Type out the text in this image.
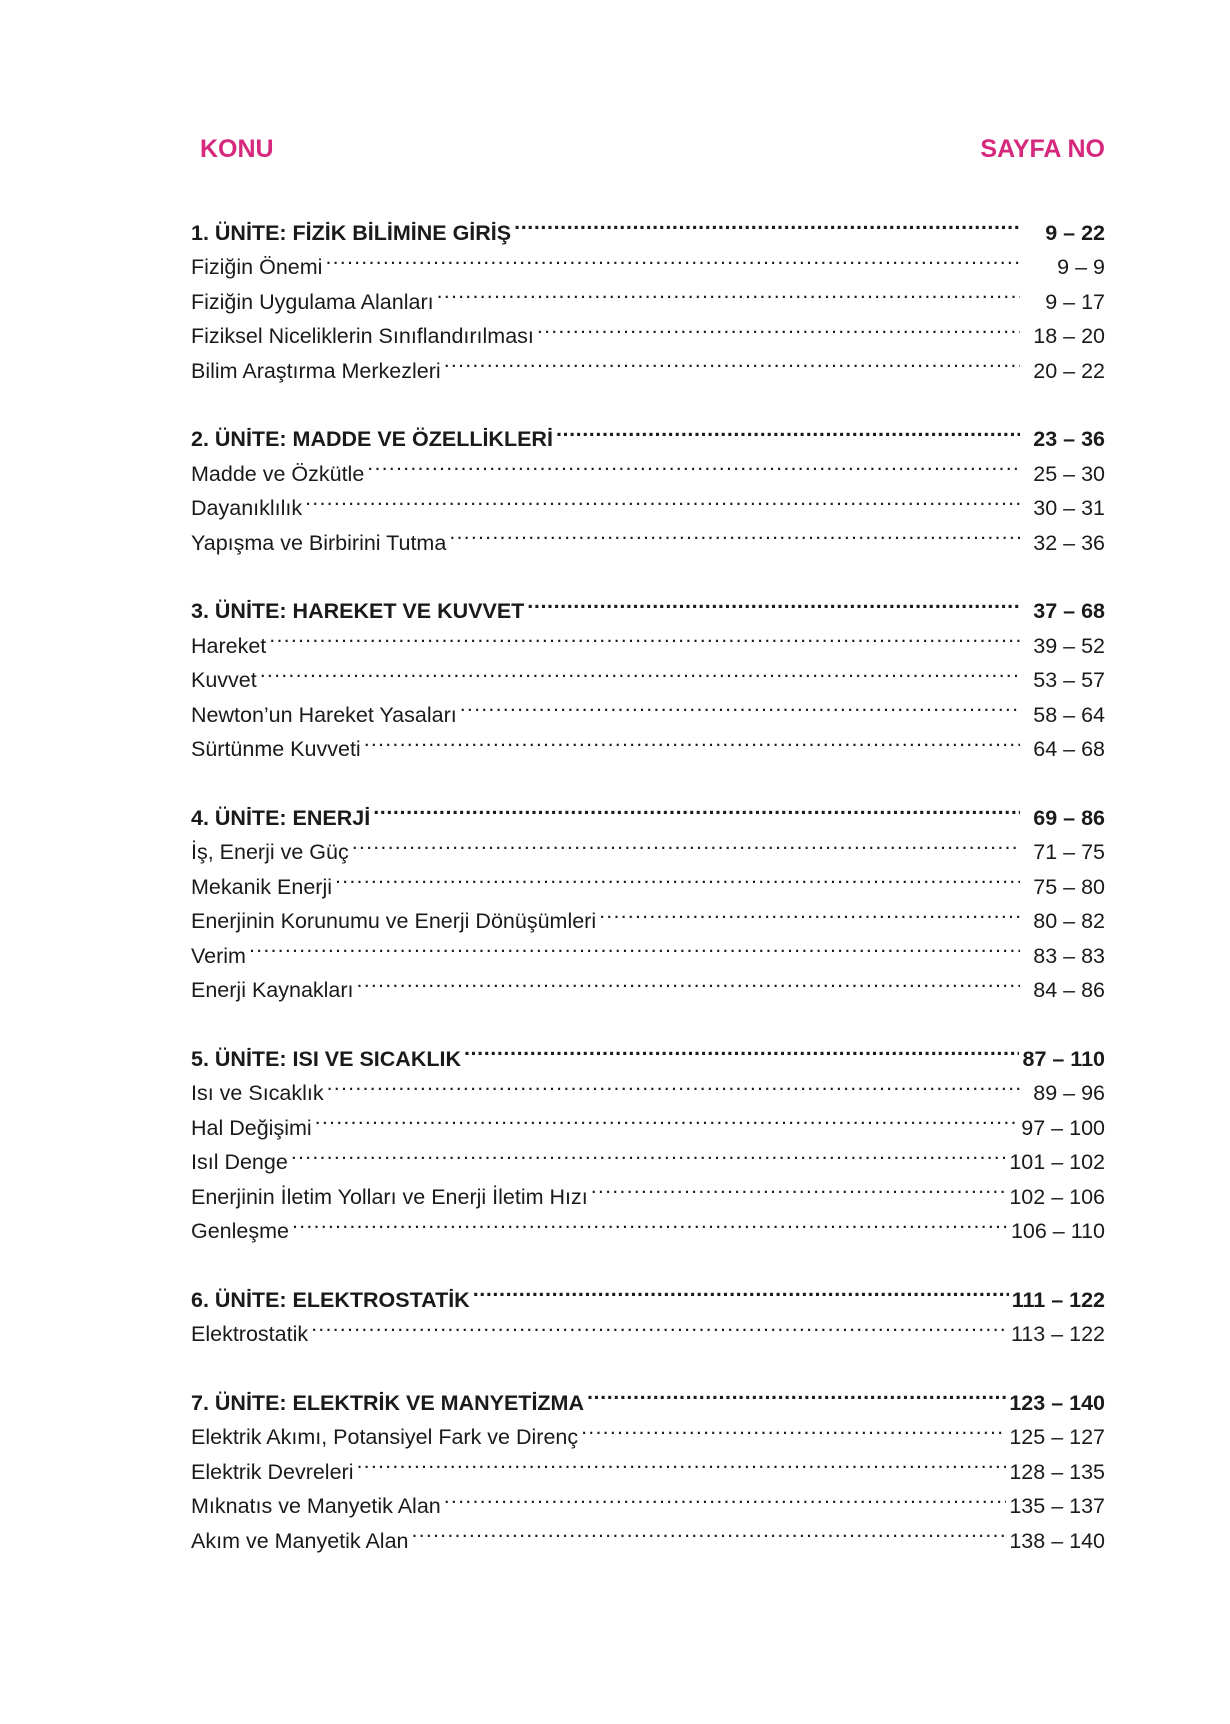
KONU	SAYFA NO
1. ÜNİTE: FİZİK BİLİMİNE GİRİŞ .....	9 – 22
Fiziğin Önemi .....	9 – 9
Fiziğin Uygulama Alanları .....	9 – 17
Fiziksel Niceliklerin Sınıflandırılması .....	18 – 20
Bilim Araştırma Merkezleri .....	20 – 22
2. ÜNİTE: MADDE VE ÖZELLİKLERİ .....	23 – 36
Madde ve Özkütle .....	25 – 30
Dayanıklılık .....	30 – 31
Yapışma ve Birbirini Tutma .....	32 – 36
3. ÜNİTE: HAREKET VE KUVVET .....	37 – 68
Hareket .....	39 – 52
Kuvvet .....	53 – 57
Newton’un Hareket Yasaları .....	58 – 64
Sürtünme Kuvveti .....	64 – 68
4. ÜNİTE: ENERJİ .....	69 – 86
İş, Enerji ve Güç .....	71 – 75
Mekanik Enerji .....	75 – 80
Enerjinin Korunumu ve Enerji Dönüşümleri .....	80 – 82
Verim .....	83 – 83
Enerji Kaynakları .....	84 – 86
5. ÜNİTE: ISI VE SICAKLIK .....	87 – 110
Isı ve Sıcaklık .....	89 – 96
Hal Değişimi .....	97 – 100
Isıl Denge .....	101 – 102
Enerjinin İletim Yolları ve Enerji İletim Hızı .....	102 – 106
Genleşme .....	106 – 110
6. ÜNİTE: ELEKTROSTATİK .....	111 – 122
Elektrostatik .....	113 – 122
7. ÜNİTE: ELEKTRİK VE MANYETİZMA .....	123 – 140
Elektrik Akımı, Potansiyel Fark ve Direnç .....	125 – 127
Elektrik Devreleri .....	128 – 135
Mıknatıs ve Manyetik Alan .....	135 – 137
Akım ve Manyetik Alan .....	138 – 140
